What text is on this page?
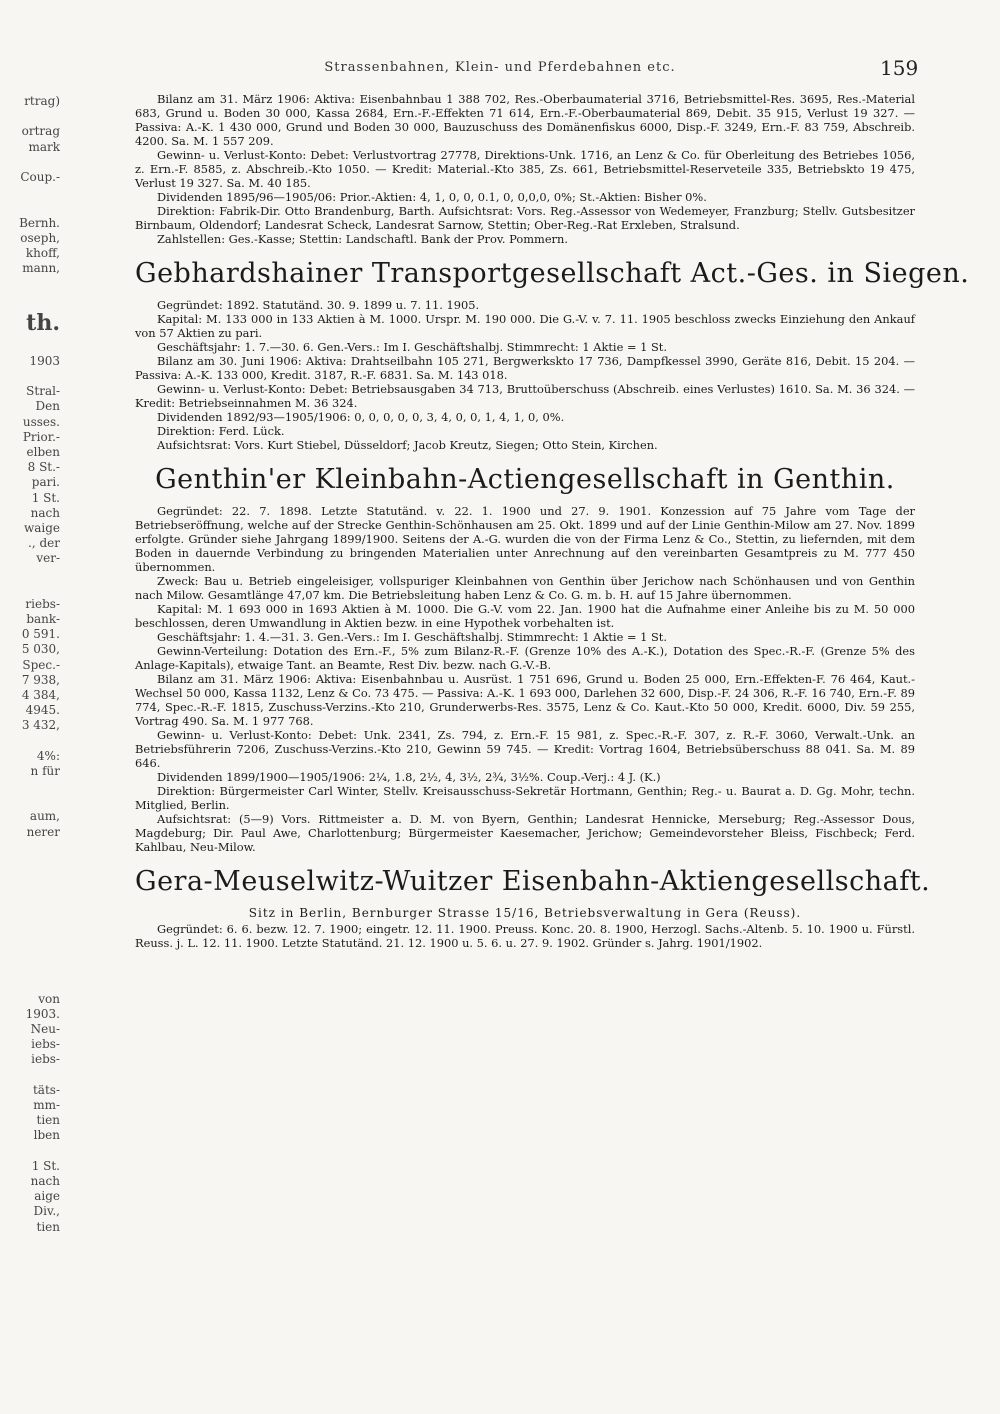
Strassenbahnen, Klein- und Pferdebahnen etc.	159
rtrag)
ortrag
mark
Coup.-
Bernh.
oseph,
khoff,
mann,
th.
1903
Stral-
Den
usses.
Prior.-
elben
8 St.-
pari.
1 St.
nach
waige
., der
ver-
riebs-
bank-
0 591.
5 030,
Spec.-
7 938,
4 384,
4945.
3 432,
4%:
n für
aum,
nerer
von
1903.
Neu-
iebs-
iebs-
täts-
mm-
tien
lben
1 St.
nach
aige
Div.,
tien

Bilanz am 31. März 1906: Aktiva: Eisenbahnbau 1 388 702, Res.-Oberbaumaterial 3716, Betriebsmittel-Res. 3695, Res.-Material 683, Grund u. Boden 30 000, Kassa 2684, Ern.-F.-Effekten 71 614, Ern.-F.-Oberbaumaterial 869, Debit. 35 915, Verlust 19 327. — Passiva: A.-K. 1 430 000, Grund und Boden 30 000, Bauzuschuss des Domänenfiskus 6000, Disp.-F. 3249, Ern.-F. 83 759, Abschreib. 4200. Sa. M. 1 557 209.

Gewinn- u. Verlust-Konto: Debet: Verlustvortrag 27778, Direktions-Unk. 1716, an Lenz & Co. für Oberleitung des Betriebes 1056, z. Ern.-F. 8585, z. Abschreib.-Kto 1050. — Kredit: Material.-Kto 385, Zs. 661, Betriebsmittel-Reserveteile 335, Betriebskto 19 475, Verlust 19 327. Sa. M. 40 185.

Dividenden 1895/96—1905/06: Prior.-Aktien: 4, 1, 0, 0, 0.1, 0, 0,0,0, 0%; St.-Aktien: Bisher 0%.

Direktion: Fabrik-Dir. Otto Brandenburg, Barth. Aufsichtsrat: Vors. Reg.-Assessor von Wedemeyer, Franzburg; Stellv. Gutsbesitzer Birnbaum, Oldendorf; Landesrat Scheck, Landesrat Sarnow, Stettin; Ober-Reg.-Rat Erxleben, Stralsund.

Zahlstellen: Ges.-Kasse; Stettin: Landschaftl. Bank der Prov. Pommern.

Gebhardshainer Transportgesellschaft Act.-Ges. in Siegen.

Gegründet: 1892. Statutänd. 30. 9. 1899 u. 7. 11. 1905.

Kapital: M. 133 000 in 133 Aktien à M. 1000. Urspr. M. 190 000. Die G.-V. v. 7. 11. 1905 beschloss zwecks Einziehung den Ankauf von 57 Aktien zu pari.

Geschäftsjahr: 1. 7.—30. 6. Gen.-Vers.: Im I. Geschäftshalbj. Stimmrecht: 1 Aktie = 1 St.

Bilanz am 30. Juni 1906: Aktiva: Drahtseilbahn 105 271, Bergwerkskto 17 736, Dampfkessel 3990, Geräte 816, Debit. 15 204. — Passiva: A.-K. 133 000, Kredit. 3187, R.-F. 6831. Sa. M. 143 018.

Gewinn- u. Verlust-Konto: Debet: Betriebsausgaben 34 713, Bruttoüberschuss (Abschreib. eines Verlustes) 1610. Sa. M. 36 324. — Kredit: Betriebseinnahmen M. 36 324.

Dividenden 1892/93—1905/1906: 0, 0, 0, 0, 0, 3, 4, 0, 0, 1, 4, 1, 0, 0%.

Direktion: Ferd. Lück.

Aufsichtsrat: Vors. Kurt Stiebel, Düsseldorf; Jacob Kreutz, Siegen; Otto Stein, Kirchen.

Genthin'er Kleinbahn-Actiengesellschaft in Genthin.

Gegründet: 22. 7. 1898. Letzte Statutänd. v. 22. 1. 1900 und 27. 9. 1901. Konzession auf 75 Jahre vom Tage der Betriebseröffnung, welche auf der Strecke Genthin-Schönhausen am 25. Okt. 1899 und auf der Linie Genthin-Milow am 27. Nov. 1899 erfolgte. Gründer siehe Jahrgang 1899/1900. Seitens der A.-G. wurden die von der Firma Lenz & Co., Stettin, zu liefernden, mit dem Boden in dauernde Verbindung zu bringenden Materialien unter Anrechnung auf den vereinbarten Gesamtpreis zu M. 777 450 übernommen.

Zweck: Bau u. Betrieb eingeleisiger, vollspuriger Kleinbahnen von Genthin über Jerichow nach Schönhausen und von Genthin nach Milow. Gesamtlänge 47,07 km. Die Betriebsleitung haben Lenz & Co. G. m. b. H. auf 15 Jahre übernommen.

Kapital: M. 1 693 000 in 1693 Aktien à M. 1000. Die G.-V. vom 22. Jan. 1900 hat die Aufnahme einer Anleihe bis zu M. 50 000 beschlossen, deren Umwandlung in Aktien bezw. in eine Hypothek vorbehalten ist.

Geschäftsjahr: 1. 4.—31. 3. Gen.-Vers.: Im I. Geschäftshalbj. Stimmrecht: 1 Aktie = 1 St.

Gewinn-Verteilung: Dotation des Ern.-F., 5% zum Bilanz-R.-F. (Grenze 10% des A.-K.), Dotation des Spec.-R.-F. (Grenze 5% des Anlage-Kapitals), etwaige Tant. an Beamte, Rest Div. bezw. nach G.-V.-B.

Bilanz am 31. März 1906: Aktiva: Eisenbahnbau u. Ausrüst. 1 751 696, Grund u. Boden 25 000, Ern.-Effekten-F. 76 464, Kaut.-Wechsel 50 000, Kassa 1132, Lenz & Co. 73 475. — Passiva: A.-K. 1 693 000, Darlehen 32 600, Disp.-F. 24 306, R.-F. 16 740, Ern.-F. 89 774, Spec.-R.-F. 1815, Zuschuss-Verzins.-Kto 210, Grunderwerbs-Res. 3575, Lenz & Co. Kaut.-Kto 50 000, Kredit. 6000, Div. 59 255, Vortrag 490. Sa. M. 1 977 768.

Gewinn- u. Verlust-Konto: Debet: Unk. 2341, Zs. 794, z. Ern.-F. 15 981, z. Spec.-R.-F. 307, z. R.-F. 3060, Verwalt.-Unk. an Betriebsführerin 7206, Zuschuss-Verzins.-Kto 210, Gewinn 59 745. — Kredit: Vortrag 1604, Betriebsüberschuss 88 041. Sa. M. 89 646.

Dividenden 1899/1900—1905/1906: 2¼, 1.8, 2½, 4, 3½, 2¾, 3½%. Coup.-Verj.: 4 J. (K.)

Direktion: Bürgermeister Carl Winter, Stellv. Kreisausschuss-Sekretär Hortmann, Genthin; Reg.- u. Baurat a. D. Gg. Mohr, techn. Mitglied, Berlin.

Aufsichtsrat: (5—9) Vors. Rittmeister a. D. M. von Byern, Genthin; Landesrat Hennicke, Merseburg; Reg.-Assessor Dous, Magdeburg; Dir. Paul Awe, Charlottenburg; Bürgermeister Kaesemacher, Jerichow; Gemeindevorsteher Bleiss, Fischbeck; Ferd. Kahlbau, Neu-Milow.

Gera-Meuselwitz-Wuitzer Eisenbahn-Aktiengesellschaft.
Sitz in Berlin, Bernburger Strasse 15/16, Betriebsverwaltung in Gera (Reuss).

Gegründet: 6. 6. bezw. 12. 7. 1900; eingetr. 12. 11. 1900. Preuss. Konc. 20. 8. 1900, Herzogl. Sachs.-Altenb. 5. 10. 1900 u. Fürstl. Reuss. j. L. 12. 11. 1900. Letzte Statutänd. 21. 12. 1900 u. 5. 6. u. 27. 9. 1902. Gründer s. Jahrg. 1901/1902.
